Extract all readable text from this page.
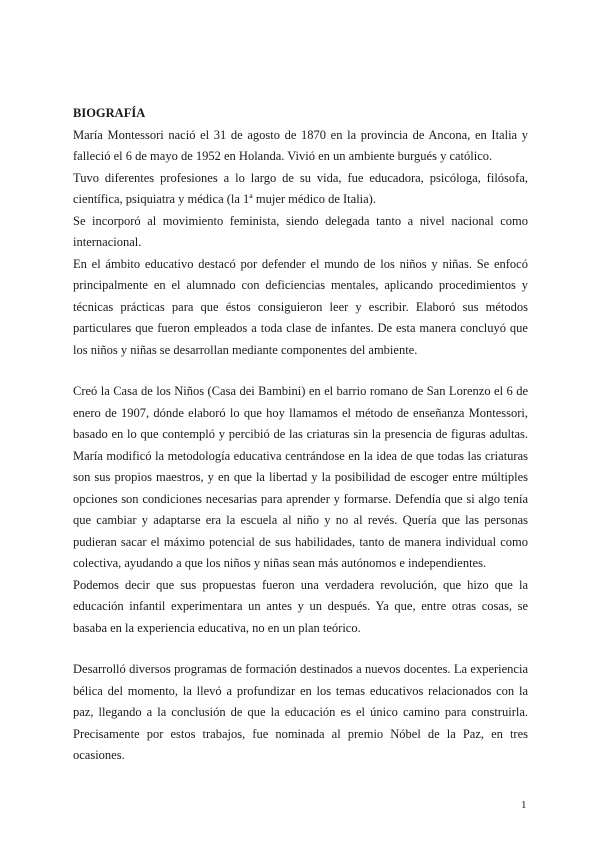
BIOGRAFÍA

María Montessori nació el 31 de agosto de 1870 en la provincia de Ancona, en Italia y falleció el 6 de mayo de 1952 en Holanda. Vivió en un ambiente burgués y católico.

Tuvo diferentes profesiones a lo largo de su vida, fue educadora, psicóloga, filósofa, científica, psiquiatra y médica (la 1ª mujer médico de Italia).

Se incorporó al movimiento feminista, siendo delegada tanto a nivel nacional como internacional.

En el ámbito educativo destacó por defender el mundo de los niños y niñas. Se enfocó principalmente en el alumnado con deficiencias mentales, aplicando procedimientos y técnicas prácticas para que éstos consiguieron leer y escribir. Elaboró sus métodos particulares que fueron empleados a toda clase de infantes. De esta manera concluyó que los niños y niñas se desarrollan mediante componentes del ambiente.

Creó la Casa de los Niños (Casa dei Bambini) en el barrio romano de San Lorenzo el 6 de enero de 1907, dónde elaboró lo que hoy llamamos el método de enseñanza Montessori, basado en lo que contempló y percibió de las criaturas sin la presencia de figuras adultas. María modificó la metodología educativa centrándose en la idea de que todas las criaturas son sus propios maestros, y en que la libertad y la posibilidad de escoger entre múltiples opciones son condiciones necesarias para aprender y formarse. Defendía que si algo tenía que cambiar y adaptarse era la escuela al niño y no al revés. Quería que las personas pudieran sacar el máximo potencial de sus habilidades, tanto de manera individual como colectiva, ayudando a que los niños y niñas sean más autónomos e independientes.

Podemos decir que sus propuestas fueron una verdadera revolución, que hizo que la educación infantil experimentara un antes y un después. Ya que, entre otras cosas, se basaba en la experiencia educativa, no en un plan teórico.

Desarrolló diversos programas de formación destinados a nuevos docentes. La experiencia bélica del momento, la llevó a profundizar en los temas educativos relacionados con la paz, llegando a la conclusión de que la educación es el único camino para construirla. Precisamente por estos trabajos, fue nominada al premio Nóbel de la Paz, en tres ocasiones.

1
